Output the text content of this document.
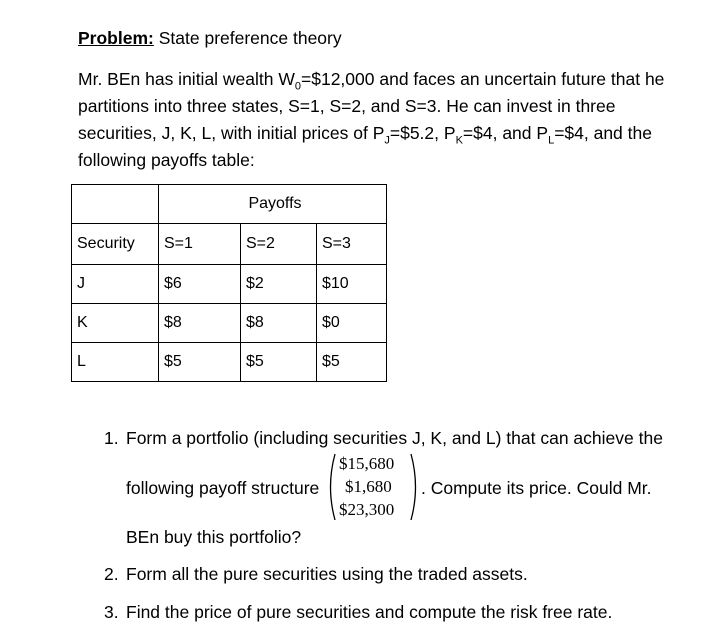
Problem: State preference theory
Mr. BEn has initial wealth $W_0=\$12,000$ and faces an uncertain future that he
partitions into three states, S=1, S=2, and S=3. He can invest in three
securities, J, K, L, with initial prices of $P_J=\$5.2$, $P_K=\$4$, and $P_L=\$4$, and the
following payoffs table:
	Payoffs		
Security	S=1	S=2	S=3
J	$6	$2	$10
K	$8	$8	$0
L	$5	$5	$5
1. Form a portfolio (including securities J, K, and L) that can achieve the
following payoff structure	. Compute its price. Could Mr.
BEn buy this portfolio?
2. Form all the pure securities using the traded assets.
3. Find the price of pure securities and compute the risk free rate.
$15,680
$1,680
$23,300
